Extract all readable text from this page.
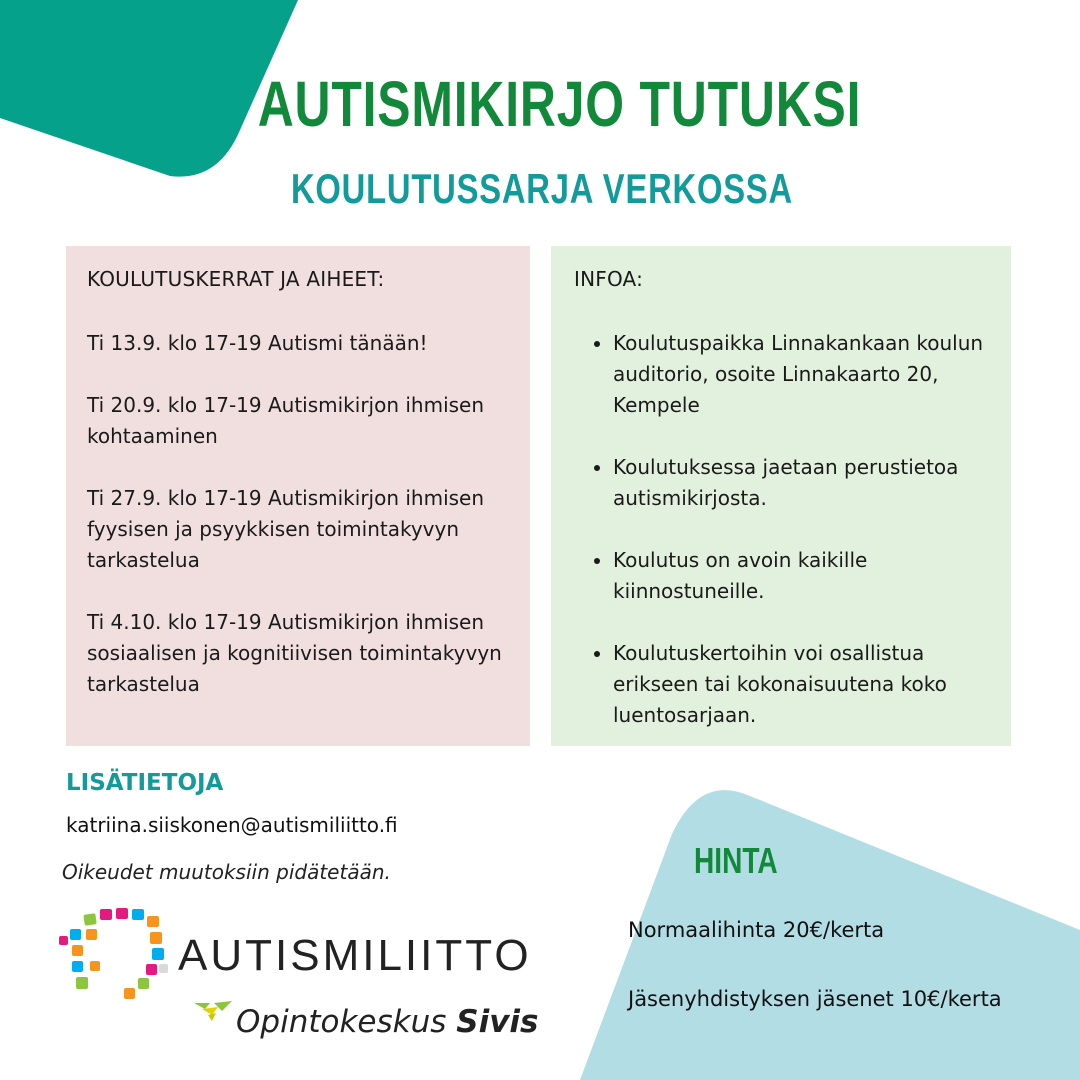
AUTISMIKIRJO TUTUKSI
KOULUTUSSARJA VERKOSSA

KOULUTUSKERRAT JA AIHEET:

Ti 13.9. klo 17-19 Autismi tänään!

Ti 20.9. klo 17-19 Autismikirjon ihmisen kohtaaminen

Ti 27.9. klo 17-19 Autismikirjon ihmisen fyysisen ja psyykkisen toimintakyvyn tarkastelua

Ti 4.10. klo 17-19 Autismikirjon ihmisen sosiaalisen ja kognitiivisen toimintakyvyn tarkastelua

INFOA:

• Koulutuspaikka Linnakankaan koulun auditorio, osoite Linnakaarto 20, Kempele
• Koulutuksessa jaetaan perustietoa autismikirjosta.
• Koulutus on avoin kaikille kiinnostuneille.
• Koulutuskertoihin voi osallistua erikseen tai kokonaisuutena koko luentosarjaan.

LISÄTIETOJA

katriina.siiskonen@autismiliitto.fi

Oikeudet muutoksiin pidätetään.

AUTISMILIITTO

Opintokeskus Sivis

HINTA

Normaalihinta 20€/kerta

Jäsenyhdistyksen jäsenet 10€/kerta
